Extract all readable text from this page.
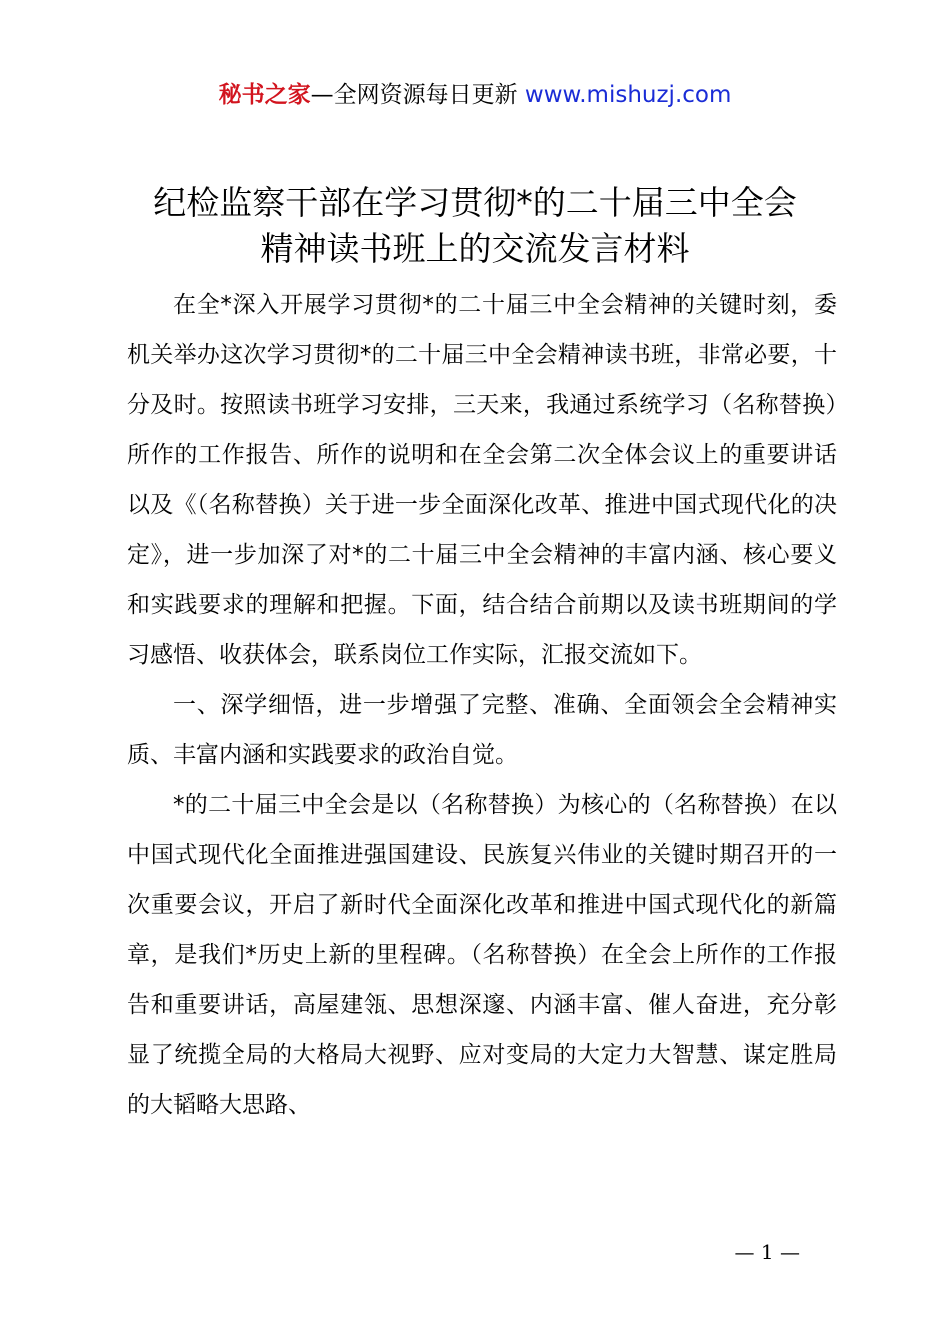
秘书之家—全网资源每日更新 www.mishuzj.com
纪检监察干部在学习贯彻*的二十届三中全会
精神读书班上的交流发言材料

在全*深入开展学习贯彻*的二十届三中全会精神的关键时刻，委机关举办这次学习贯彻*的二十届三中全会精神读书班，非常必要，十分及时。按照读书班学习安排，三天来，我通过系统学习（名称替换）所作的工作报告、所作的说明和在全会第二次全体会议上的重要讲话以及《（名称替换）关于进一步全面深化改革、推进中国式现代化的决定》，进一步加深了对*的二十届三中全会精神的丰富内涵、核心要义和实践要求的理解和把握。下面，结合结合前期以及读书班期间的学习感悟、收获体会，联系岗位工作实际，汇报交流如下。

一、深学细悟，进一步增强了完整、准确、全面领会全会精神实质、丰富内涵和实践要求的政治自觉。

*的二十届三中全会是以（名称替换）为核心的（名称替换）在以中国式现代化全面推进强国建设、民族复兴伟业的关键时期召开的一次重要会议，开启了新时代全面深化改革和推进中国式现代化的新篇章，是我们*历史上新的里程碑。（名称替换）在全会上所作的工作报告和重要讲话，高屋建瓴、思想深邃、内涵丰富、催人奋进，充分彰显了统揽全局的大格局大视野、应对变局的大定力大智慧、谋定胜局的大韬略大思路、

— 1 —
